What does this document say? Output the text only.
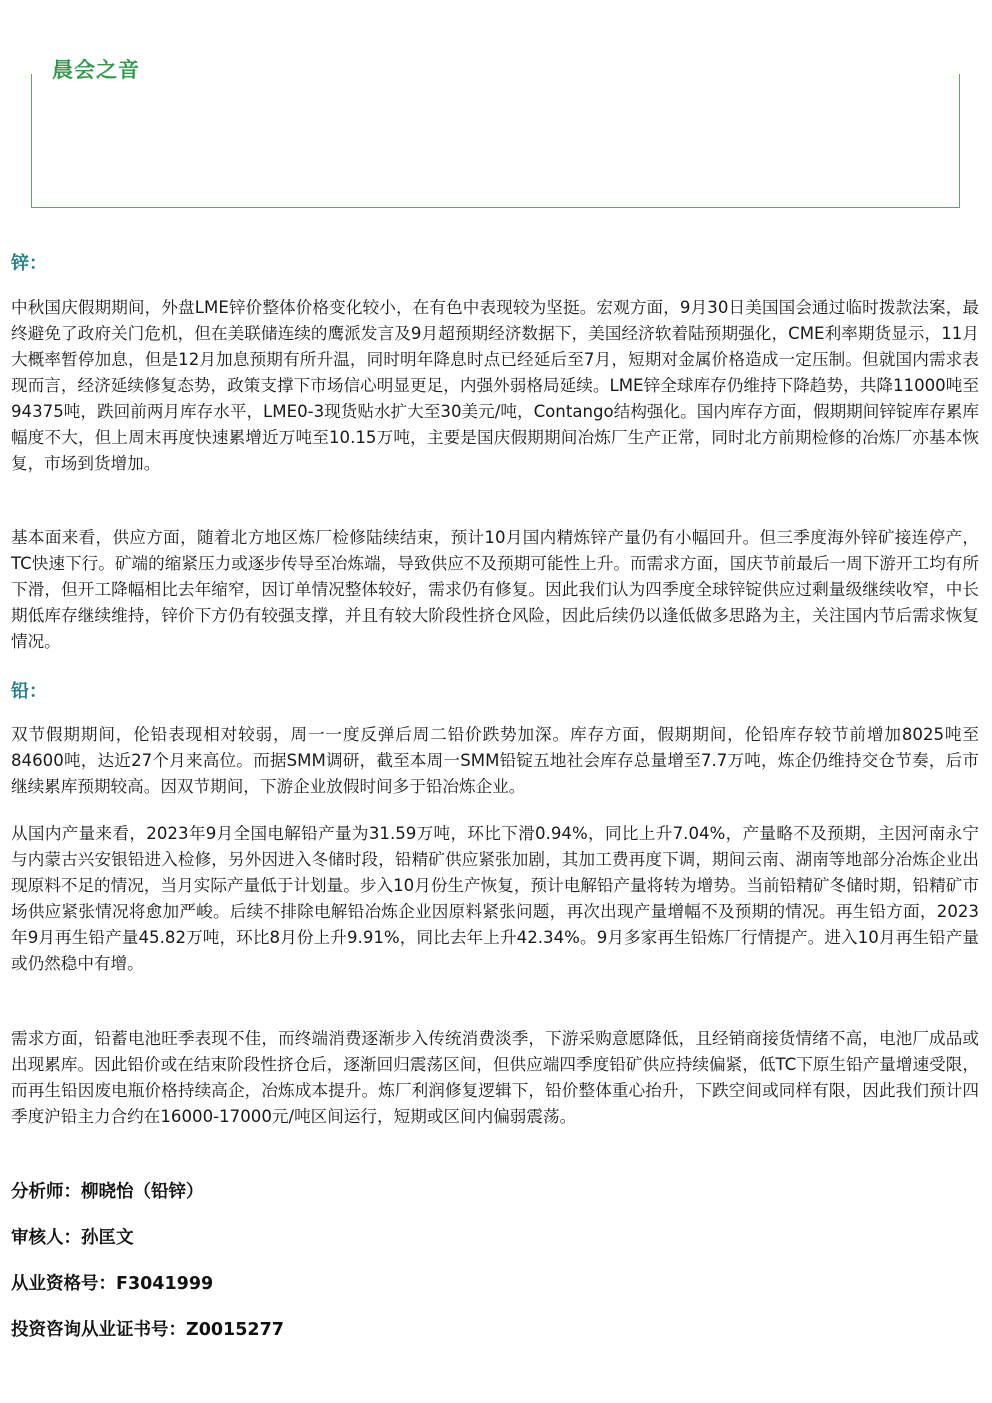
晨会之音
锌：

中秋国庆假期期间，外盘LME锌价整体价格变化较小，在有色中表现较为坚挺。宏观方面，9月30日美国国会通过临时拨款法案，最终避免了政府关门危机，但在美联储连续的鹰派发言及9月超预期经济数据下，美国经济软着陆预期强化，CME利率期货显示，11月大概率暂停加息，但是12月加息预期有所升温，同时明年降息时点已经延后至7月，短期对金属价格造成一定压制。但就国内需求表现而言，经济延续修复态势，政策支撑下市场信心明显更足，内强外弱格局延续。LME锌全球库存仍维持下降趋势，共降11000吨至94375吨，跌回前两月库存水平，LME0-3现货贴水扩大至30美元/吨，Contango结构强化。国内库存方面，假期期间锌锭库存累库幅度不大，但上周末再度快速累增近万吨至10.15万吨，主要是国庆假期期间冶炼厂生产正常，同时北方前期检修的冶炼厂亦基本恢复，市场到货增加。

基本面来看，供应方面，随着北方地区炼厂检修陆续结束，预计10月国内精炼锌产量仍有小幅回升。但三季度海外锌矿接连停产，TC快速下行。矿端的缩紧压力或逐步传导至冶炼端，导致供应不及预期可能性上升。而需求方面，国庆节前最后一周下游开工均有所下滑，但开工降幅相比去年缩窄，因订单情况整体较好，需求仍有修复。因此我们认为四季度全球锌锭供应过剩量级继续收窄，中长期低库存继续维持，锌价下方仍有较强支撑，并且有较大阶段性挤仓风险，因此后续仍以逢低做多思路为主，关注国内节后需求恢复情况。

铅：

双节假期期间，伦铅表现相对较弱，周一一度反弹后周二铅价跌势加深。库存方面，假期期间，伦铅库存较节前增加8025吨至84600吨，达近27个月来高位。而据SMM调研，截至本周一SMM铅锭五地社会库存总量增至7.7万吨，炼企仍维持交仓节奏，后市继续累库预期较高。因双节期间，下游企业放假时间多于铅冶炼企业。

从国内产量来看，2023年9月全国电解铅产量为31.59万吨，环比下滑0.94%，同比上升7.04%，产量略不及预期，主因河南永宁与内蒙古兴安银铅进入检修，另外因进入冬储时段，铅精矿供应紧张加剧，其加工费再度下调，期间云南、湖南等地部分冶炼企业出现原料不足的情况，当月实际产量低于计划量。步入10月份生产恢复，预计电解铅产量将转为增势。当前铅精矿冬储时期，铅精矿市场供应紧张情况将愈加严峻。后续不排除电解铅冶炼企业因原料紧张问题，再次出现产量增幅不及预期的情况。再生铅方面，2023年9月再生铅产量45.82万吨，环比8月份上升9.91%，同比去年上升42.34%。9月多家再生铅炼厂行情提产。进入10月再生铅产量或仍然稳中有增。

需求方面，铅蓄电池旺季表现不佳，而终端消费逐渐步入传统消费淡季，下游采购意愿降低，且经销商接货情绪不高，电池厂成品或出现累库。因此铅价或在结束阶段性挤仓后，逐渐回归震荡区间，但供应端四季度铅矿供应持续偏紧，低TC下原生铅产量增速受限，而再生铅因废电瓶价格持续高企，冶炼成本提升。炼厂利润修复逻辑下，铅价整体重心抬升，下跌空间或同样有限，因此我们预计四季度沪铅主力合约在16000-17000元/吨区间运行，短期或区间内偏弱震荡。

分析师：柳晓怡（铅锌）
审核人：孙匡文
从业资格号：F3041999
投资咨询从业证书号：Z0015277
